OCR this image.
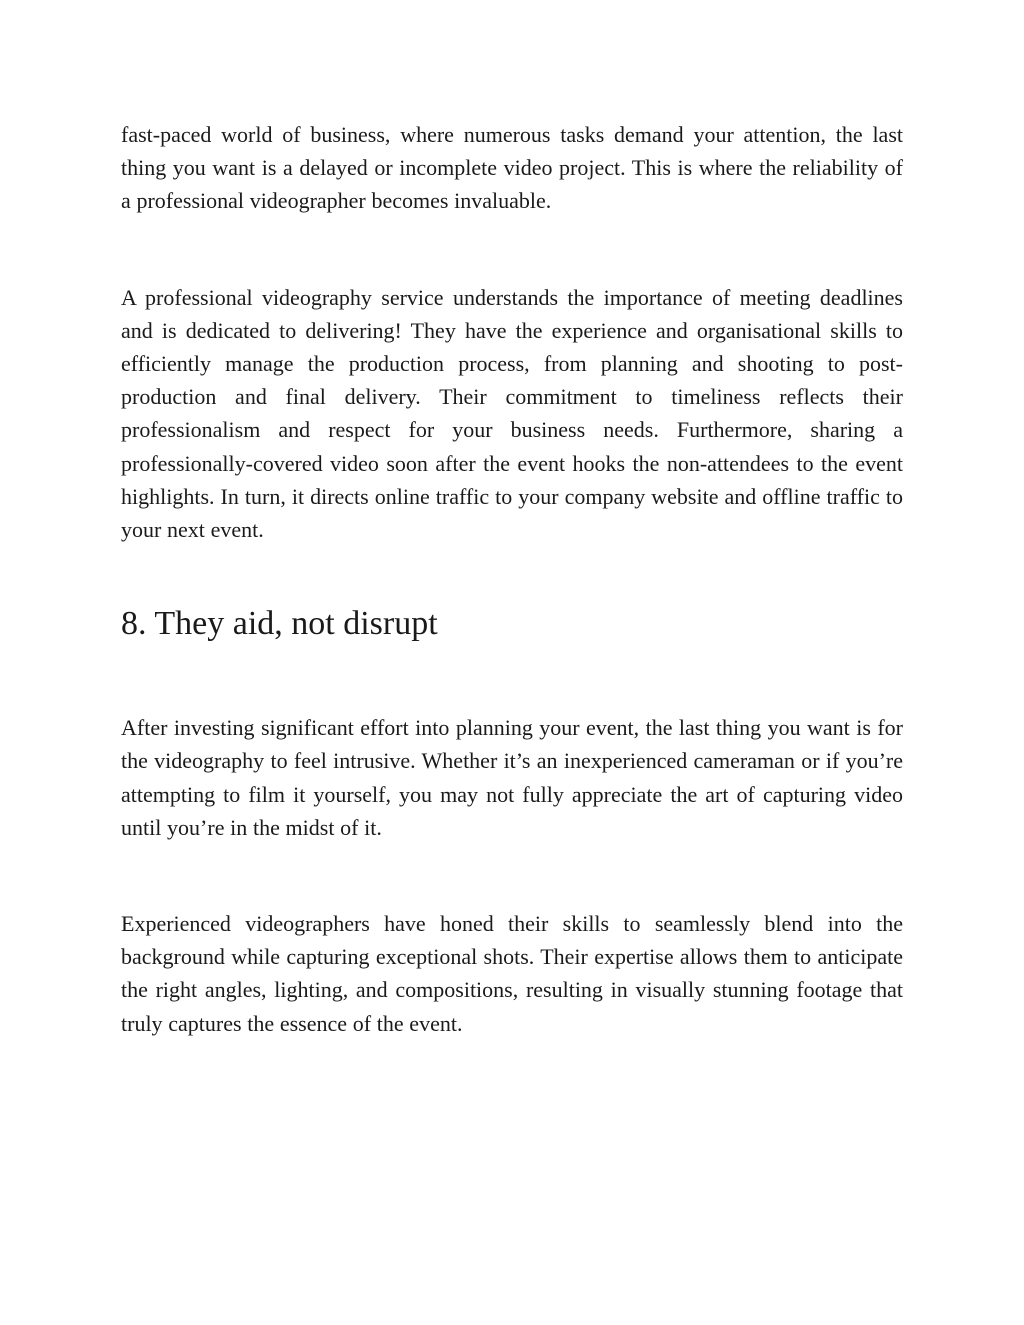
fast-paced world of business, where numerous tasks demand your attention, the last thing you want is a delayed or incomplete video project. This is where the reliability of a professional videographer becomes invaluable.

A professional videography service understands the importance of meeting deadlines and is dedicated to delivering! They have the experience and organisational skills to efficiently manage the production process, from planning and shooting to post-production and final delivery. Their commitment to timeliness reflects their professionalism and respect for your business needs. Furthermore, sharing a professionally-covered video soon after the event hooks the non-attendees to the event highlights. In turn, it directs online traffic to your company website and offline traffic to your next event.

8. They aid, not disrupt

After investing significant effort into planning your event, the last thing you want is for the videography to feel intrusive. Whether it’s an inexperienced cameraman or if you’re attempting to film it yourself, you may not fully appreciate the art of capturing video until you’re in the midst of it.

Experienced videographers have honed their skills to seamlessly blend into the background while capturing exceptional shots. Their expertise allows them to anticipate the right angles, lighting, and compositions, resulting in visually stunning footage that truly captures the essence of the event.
